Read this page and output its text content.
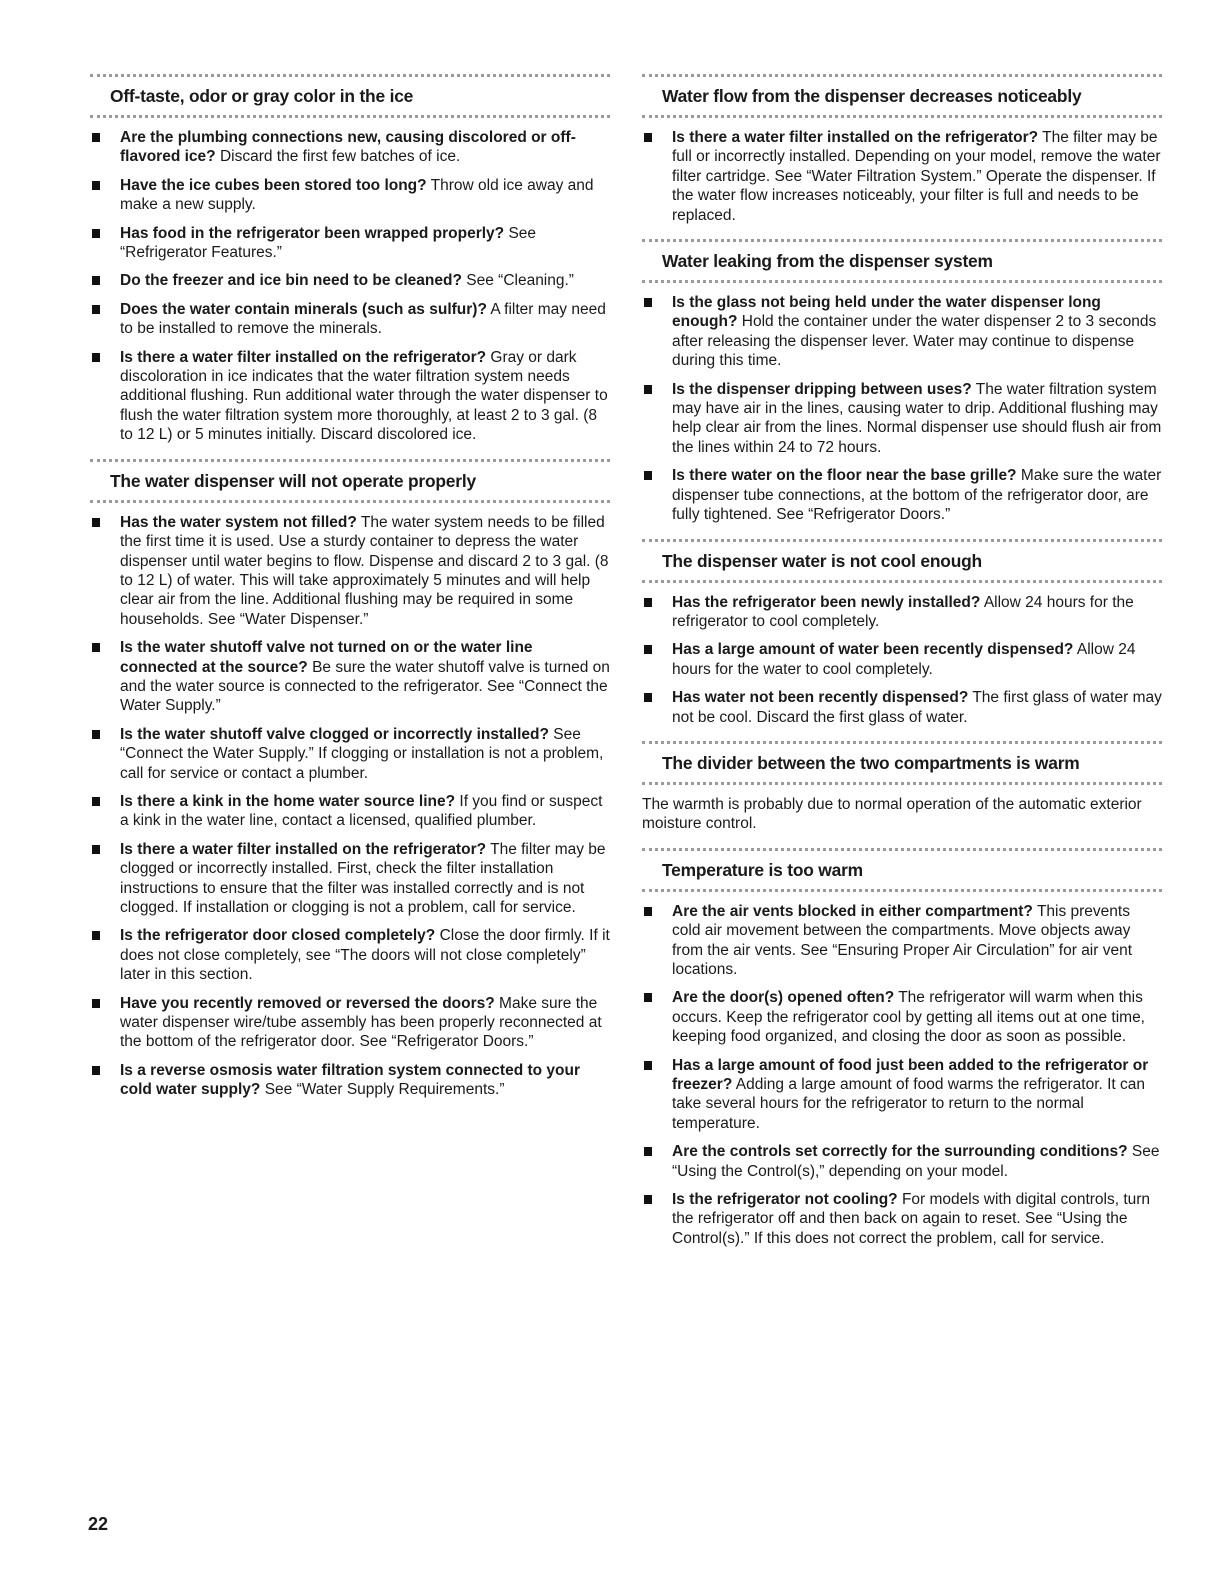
Off-taste, odor or gray color in the ice
Are the plumbing connections new, causing discolored or off-flavored ice? Discard the first few batches of ice.
Have the ice cubes been stored too long? Throw old ice away and make a new supply.
Has food in the refrigerator been wrapped properly? See “Refrigerator Features.”
Do the freezer and ice bin need to be cleaned? See “Cleaning.”
Does the water contain minerals (such as sulfur)? A filter may need to be installed to remove the minerals.
Is there a water filter installed on the refrigerator? Gray or dark discoloration in ice indicates that the water filtration system needs additional flushing. Run additional water through the water dispenser to flush the water filtration system more thoroughly, at least 2 to 3 gal. (8 to 12 L) or 5 minutes initially. Discard discolored ice.
The water dispenser will not operate properly
Has the water system not filled? The water system needs to be filled the first time it is used. Use a sturdy container to depress the water dispenser until water begins to flow. Dispense and discard 2 to 3 gal. (8 to 12 L) of water. This will take approximately 5 minutes and will help clear air from the line. Additional flushing may be required in some households. See “Water Dispenser.”
Is the water shutoff valve not turned on or the water line connected at the source? Be sure the water shutoff valve is turned on and the water source is connected to the refrigerator. See “Connect the Water Supply.”
Is the water shutoff valve clogged or incorrectly installed? See “Connect the Water Supply.” If clogging or installation is not a problem, call for service or contact a plumber.
Is there a kink in the home water source line? If you find or suspect a kink in the water line, contact a licensed, qualified plumber.
Is there a water filter installed on the refrigerator? The filter may be clogged or incorrectly installed. First, check the filter installation instructions to ensure that the filter was installed correctly and is not clogged. If installation or clogging is not a problem, call for service.
Is the refrigerator door closed completely? Close the door firmly. If it does not close completely, see “The doors will not close completely” later in this section.
Have you recently removed or reversed the doors? Make sure the water dispenser wire/tube assembly has been properly reconnected at the bottom of the refrigerator door. See “Refrigerator Doors.”
Is a reverse osmosis water filtration system connected to your cold water supply? See “Water Supply Requirements.”
Water flow from the dispenser decreases noticeably
Is there a water filter installed on the refrigerator? The filter may be full or incorrectly installed. Depending on your model, remove the water filter cartridge. See “Water Filtration System.” Operate the dispenser. If the water flow increases noticeably, your filter is full and needs to be replaced.
Water leaking from the dispenser system
Is the glass not being held under the water dispenser long enough? Hold the container under the water dispenser 2 to 3 seconds after releasing the dispenser lever. Water may continue to dispense during this time.
Is the dispenser dripping between uses? The water filtration system may have air in the lines, causing water to drip. Additional flushing may help clear air from the lines. Normal dispenser use should flush air from the lines within 24 to 72 hours.
Is there water on the floor near the base grille? Make sure the water dispenser tube connections, at the bottom of the refrigerator door, are fully tightened. See “Refrigerator Doors.”
The dispenser water is not cool enough
Has the refrigerator been newly installed? Allow 24 hours for the refrigerator to cool completely.
Has a large amount of water been recently dispensed? Allow 24 hours for the water to cool completely.
Has water not been recently dispensed? The first glass of water may not be cool. Discard the first glass of water.
The divider between the two compartments is warm

The warmth is probably due to normal operation of the automatic exterior moisture control.

Temperature is too warm
Are the air vents blocked in either compartment? This prevents cold air movement between the compartments. Move objects away from the air vents. See “Ensuring Proper Air Circulation” for air vent locations.
Are the door(s) opened often? The refrigerator will warm when this occurs. Keep the refrigerator cool by getting all items out at one time, keeping food organized, and closing the door as soon as possible.
Has a large amount of food just been added to the refrigerator or freezer? Adding a large amount of food warms the refrigerator. It can take several hours for the refrigerator to return to the normal temperature.
Are the controls set correctly for the surrounding conditions? See “Using the Control(s),” depending on your model.
Is the refrigerator not cooling? For models with digital controls, turn the refrigerator off and then back on again to reset. See “Using the Control(s).” If this does not correct the problem, call for service.
22
